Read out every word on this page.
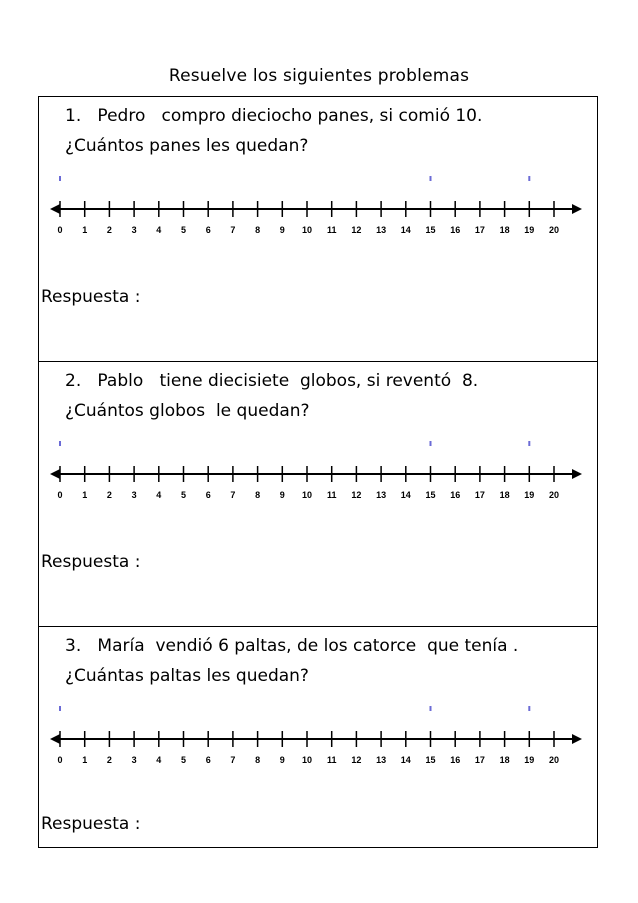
Resuelve los siguientes problemas
1.   Pedro   compro dieciocho panes, si comió 10.
¿Cuántos panes les quedan?
0 1 2 3 4 5 6 7 8 9 10 11 12 13 14 15 16 17 18 19 20
Respuesta :
2.   Pablo   tiene diecisiete  globos, si reventó  8.
¿Cuántos globos  le quedan?
0 1 2 3 4 5 6 7 8 9 10 11 12 13 14 15 16 17 18 19 20
Respuesta :
3.   María  vendió 6 paltas, de los catorce  que tenía .
¿Cuántas paltas les quedan?
0 1 2 3 4 5 6 7 8 9 10 11 12 13 14 15 16 17 18 19 20
Respuesta :
